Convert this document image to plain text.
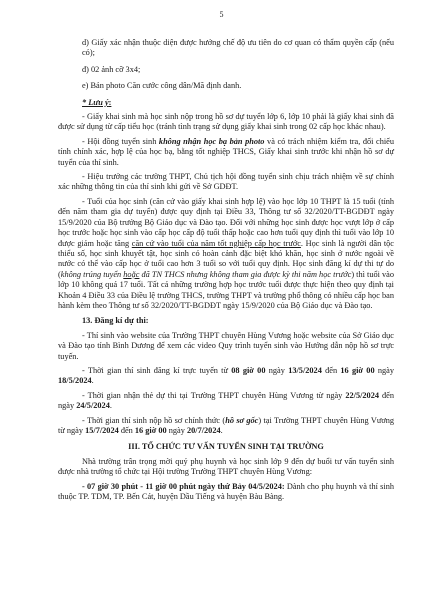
5

d) Giấy xác nhận thuộc diện được hưởng chế độ ưu tiên do cơ quan có thẩm quyền cấp (nếu có);

đ) 02 ảnh cỡ 3x4;

e) Bản photo Căn cước công dân/Mã định danh.

* Lưu ý:

- Giấy khai sinh mà học sinh nộp trong hồ sơ dự tuyển lớp 6, lớp 10 phải là giấy khai sinh đã được sử dụng từ cấp tiểu học (tránh tình trạng sử dụng giấy khai sinh trong 02 cấp học khác nhau).

- Hội đồng tuyển sinh không nhận học bạ bản photo và có trách nhiệm kiểm tra, đối chiếu tính chính xác, hợp lệ của học bạ, bằng tốt nghiệp THCS, Giấy khai sinh trước khi nhận hồ sơ dự tuyển của thí sinh.

- Hiệu trưởng các trường THPT, Chủ tịch hội đồng tuyển sinh chịu trách nhiệm về sự chính xác những thông tin của thí sinh khi gửi về Sở GDĐT.

- Tuổi của học sinh (căn cứ vào giấy khai sinh hợp lệ) vào học lớp 10 THPT là 15 tuổi (tính đến năm tham gia dự tuyển) được quy định tại Điều 33, Thông tư số 32/2020/TT-BGDĐT ngày 15/9/2020 của Bộ trưởng Bộ Giáo dục và Đào tạo. Đối với những học sinh được học vượt lớp ở cấp học trước hoặc học sinh vào cấp học cấp độ tuổi thấp hoặc cao hơn tuổi quy định thì tuổi vào lớp 10 được giảm hoặc tăng căn cứ vào tuổi của năm tốt nghiệp cấp học trước. Học sinh là người dân tộc thiểu số, học sinh khuyết tật, học sinh có hoàn cảnh đặc biệt khó khăn, học sinh ở nước ngoài về nước có thể vào cấp học ở tuổi cao hơn 3 tuổi so với tuổi quy định. Học sinh đăng kí dự thi tự do (không trúng tuyển hoặc đã TN THCS nhưng không tham gia được kỳ thi năm học trước) thì tuổi vào lớp 10 không quá 17 tuổi. Tất cả những trường hợp học trước tuổi được thực hiện theo quy định tại Khoản 4 Điều 33 của Điều lệ trường THCS, trường THPT và trường phổ thông có nhiều cấp học ban hành kèm theo Thông tư số 32/2020/TT-BGDĐT ngày 15/9/2020 của Bộ Giáo dục và Đào tạo.

13. Đăng kí dự thi:

- Thí sinh vào website của Trường THPT chuyên Hùng Vương hoặc website của Sở Giáo dục và Đào tạo tỉnh Bình Dương để xem các video Quy trình tuyển sinh vào Hướng dẫn nộp hồ sơ trực tuyến.

- Thời gian thí sinh đăng kí trực tuyến từ 08 giờ 00 ngày 13/5/2024 đến 16 giờ 00 ngày 18/5/2024.

- Thời gian nhận thẻ dự thi tại Trường THPT chuyên Hùng Vương từ ngày 22/5/2024 đến ngày 24/5/2024.

- Thời gian thí sinh nộp hồ sơ chính thức (hồ sơ gốc) tại Trường THPT chuyên Hùng Vương từ ngày 15/7/2024 đến 16 giờ 00 ngày 20/7/2024.

III. TỔ CHỨC TƯ VẤN TUYỂN SINH TẠI TRƯỜNG

Nhà trường trân trọng mời quý phụ huynh và học sinh lớp 9 đến dự buổi tư vấn tuyển sinh được nhà trường tổ chức tại Hội trường Trường THPT chuyên Hùng Vương:

- 07 giờ 30 phút - 11 giờ 00 phút ngày thứ Bảy 04/5/2024: Dành cho phụ huynh và thí sinh thuộc TP. TDM, TP. Bến Cát, huyện Dầu Tiếng và huyện Bàu Bàng.
